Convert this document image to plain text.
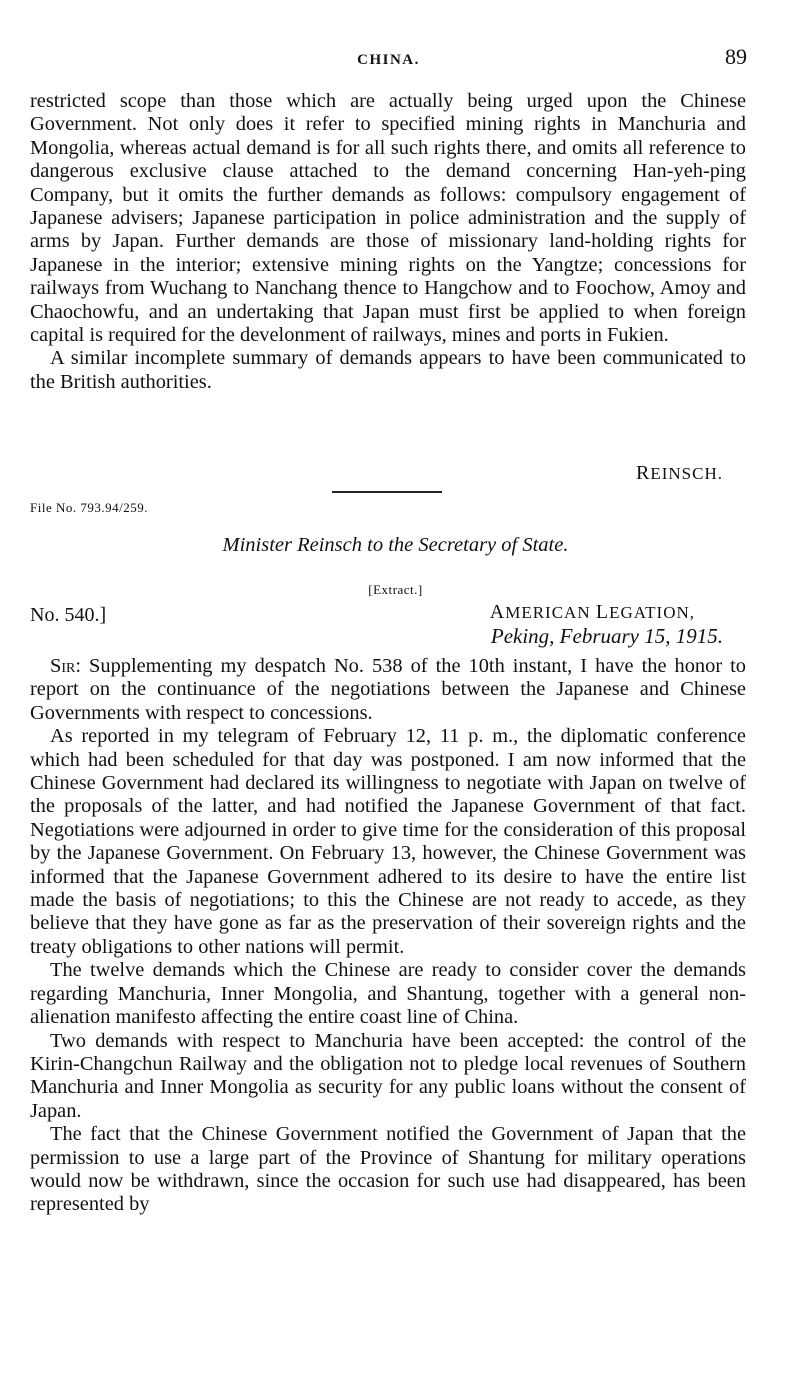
CHINA.	89

restricted scope than those which are actually being urged upon the Chinese Government. Not only does it refer to specified mining rights in Manchuria and Mongolia, whereas actual demand is for all such rights there, and omits all reference to dangerous exclusive clause attached to the demand concerning Han-yeh-ping Company, but it omits the further demands as follows: compulsory engagement of Japanese advisers; Japanese participation in police administration and the supply of arms by Japan. Further demands are those of missionary land-holding rights for Japanese in the interior; extensive mining rights on the Yangtze; concessions for railways from Wuchang to Nanchang thence to Hangchow and to Foochow, Amoy and Chaochowfu, and an undertaking that Japan must first be applied to when foreign capital is required for the develonment of railways, mines and ports in Fukien.

A similar incomplete summary of demands appears to have been communicated to the British authorities.

REINSCH.
File No. 793.94/259.
Minister Reinsch to the Secretary of State.
[Extract.]
No. 540.]	AMERICAN LEGATION,
Peking, February 15, 1915.

Sir: Supplementing my despatch No. 538 of the 10th instant, I have the honor to report on the continuance of the negotiations between the Japanese and Chinese Governments with respect to concessions.

As reported in my telegram of February 12, 11 p. m., the diplomatic conference which had been scheduled for that day was postponed. I am now informed that the Chinese Government had declared its willingness to negotiate with Japan on twelve of the proposals of the latter, and had notified the Japanese Government of that fact. Negotiations were adjourned in order to give time for the consideration of this proposal by the Japanese Government. On February 13, however, the Chinese Government was informed that the Japanese Government adhered to its desire to have the entire list made the basis of negotiations; to this the Chinese are not ready to accede, as they believe that they have gone as far as the preservation of their sovereign rights and the treaty obligations to other nations will permit.

The twelve demands which the Chinese are ready to consider cover the demands regarding Manchuria, Inner Mongolia, and Shantung, together with a general non-alienation manifesto affecting the entire coast line of China.

Two demands with respect to Manchuria have been accepted: the control of the Kirin-Changchun Railway and the obligation not to pledge local revenues of Southern Manchuria and Inner Mongolia as security for any public loans without the consent of Japan.

The fact that the Chinese Government notified the Government of Japan that the permission to use a large part of the Province of Shantung for military operations would now be withdrawn, since the occasion for such use had disappeared, has been represented by
